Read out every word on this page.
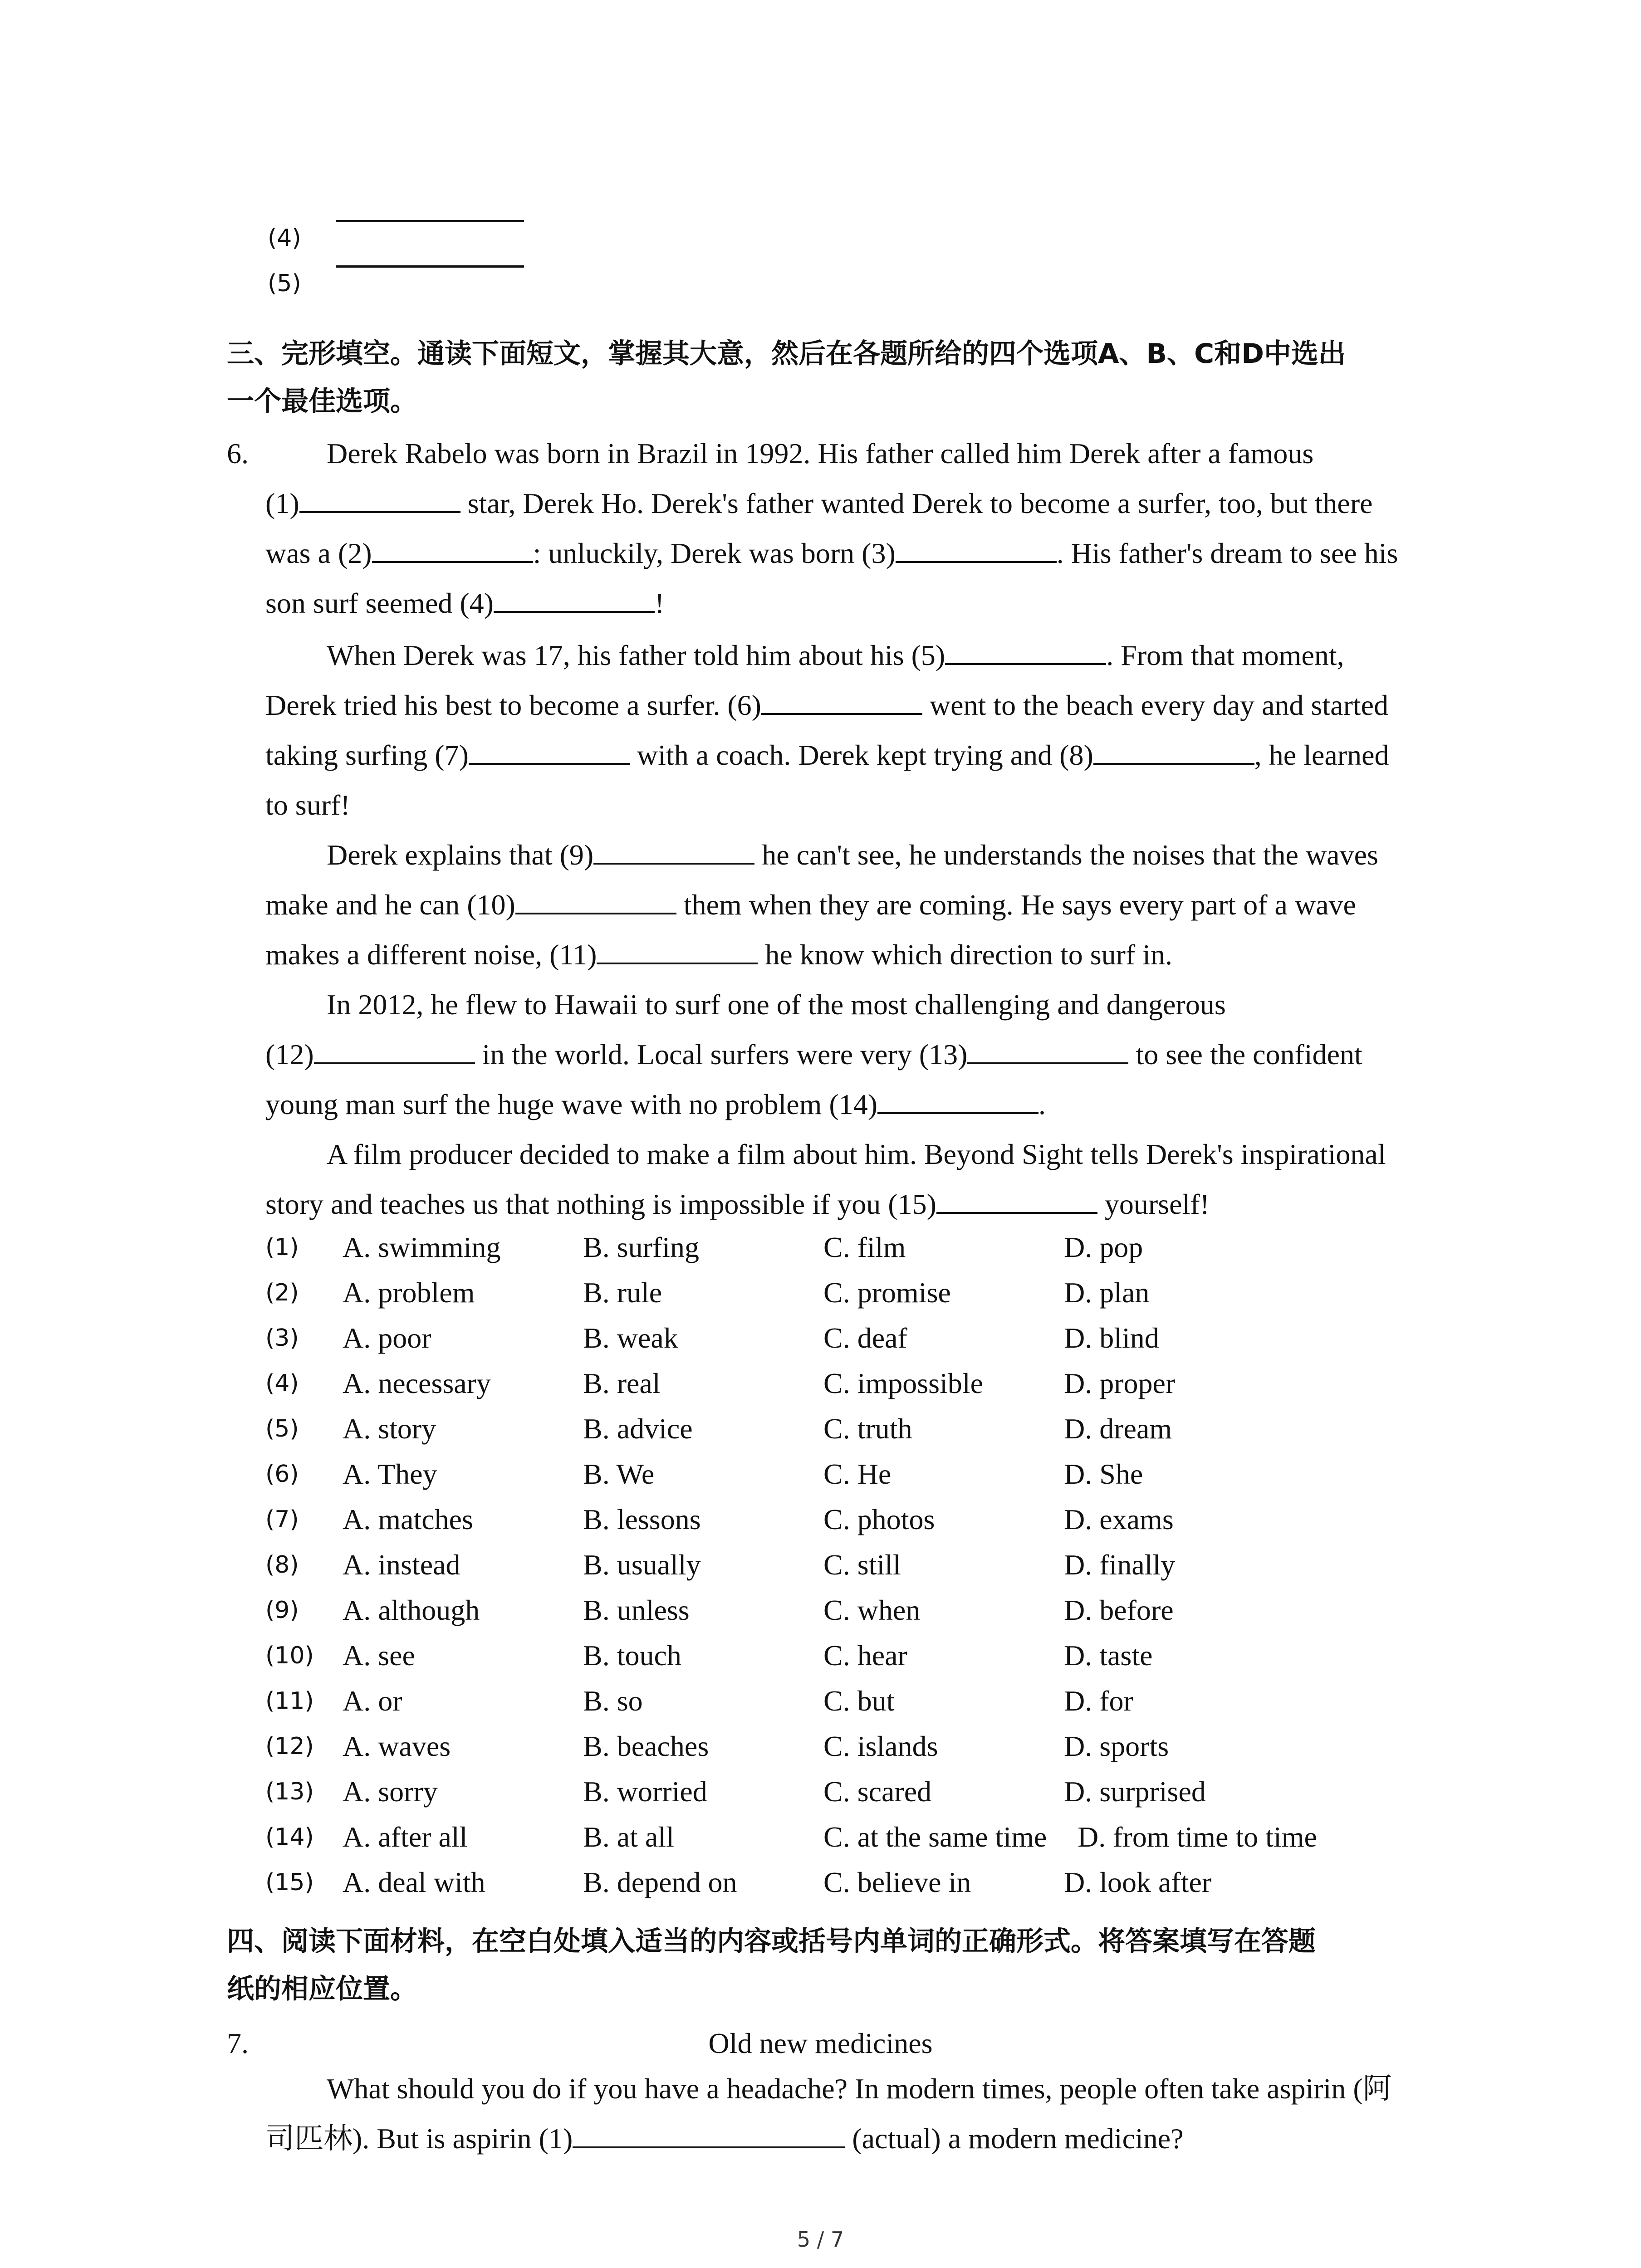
(4)
(5)
三、完形填空。通读下面短文，掌握其大意，然后在各题所给的四个选项A、B、C和D中选出
一个最佳选项。
6.	Derek Rabelo was born in Brazil in 1992. His father called him Derek after a famous
(1)	star, Derek Ho. Derek's father wanted Derek to become a surfer, too, but there
was a (2)	: unluckily, Derek was born (3)	. His father's dream to see his
son surf seemed (4)	!
When Derek was 17, his father told him about his (5)	. From that moment,
Derek tried his best to become a surfer. (6)	went to the beach every day and started
taking surfing (7)	with a coach. Derek kept trying and (8)	, he learned
to surf!
Derek explains that (9)	he can't see, he understands the noises that the waves
make and he can (10)	them when they are coming. He says every part of a wave
makes a different noise, (11)	he know which direction to surf in.
In 2012, he flew to Hawaii to surf one of the most challenging and dangerous
(12)	in the world. Local surfers were very (13)	to see the confident
young man surf the huge wave with no problem (14)	.
A film producer decided to make a film about him. Beyond Sight tells Derek's inspirational
story and teaches us that nothing is impossible if you (15)	yourself!
(1)	A. swimming	B. surfing	C. film	D. pop
(2)	A. problem	B. rule	C. promise	D. plan
(3)	A. poor	B. weak	C. deaf	D. blind
(4)	A. necessary	B. real	C. impossible	D. proper
(5)	A. story	B. advice	C. truth	D. dream
(6)	A. They	B. We	C. He	D. She
(7)	A. matches	B. lessons	C. photos	D. exams
(8)	A. instead	B. usually	C. still	D. finally
(9)	A. although	B. unless	C. when	D. before
(10) A. see	B. touch	C. hear	D. taste
(11) A. or	B. so	C. but	D. for
(12) A. waves	B. beaches	C. islands	D. sports
(13) A. sorry	B. worried	C. scared	D. surprised
(14) A. after all	B. at all	C. at the same time D. from time to time
(15) A. deal with	B. depend on	C. believe in	D. look after
四、阅读下面材料，在空白处填入适当的内容或括号内单词的正确形式。将答案填写在答题
纸的相应位置。
7.	Old new medicines
What should you do if you have a headache? In modern times, people often take aspirin (阿
司匹林). But is aspirin (1)	(actual) a modern medicine?
5 / 7
